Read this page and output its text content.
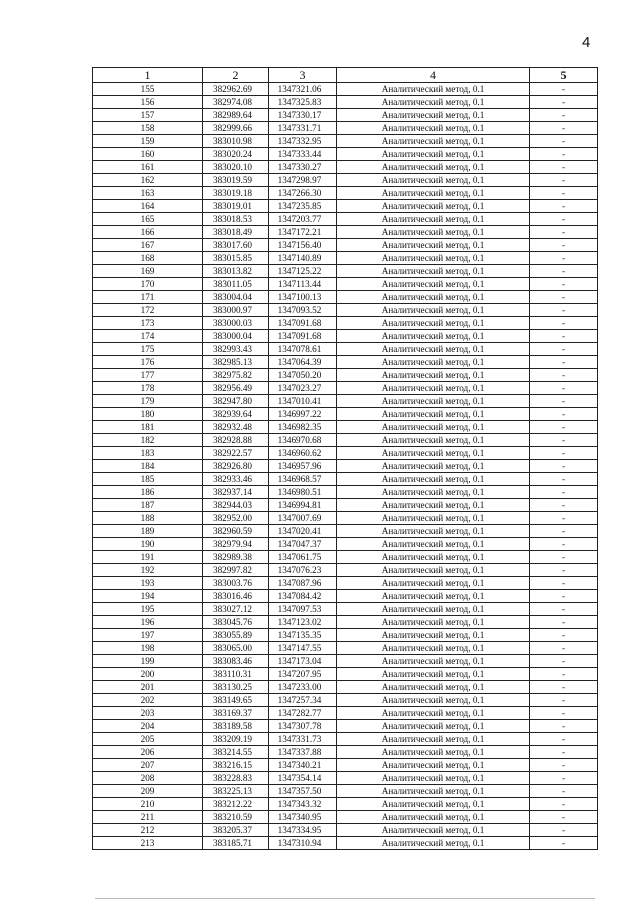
4
1	2	3	4	5
155	382962.69	1347321.06	Аналитический метод, 0.1	-
156	382974.08	1347325.83	Аналитический метод, 0.1	-
157	382989.64	1347330.17	Аналитический метод, 0.1	-
158	382999.66	1347331.71	Аналитический метод, 0.1	-
159	383010.98	1347332.95	Аналитический метод, 0.1	-
160	383020.24	1347333.44	Аналитический метод, 0.1	-
161	383020.10	1347330.27	Аналитический метод, 0.1	-
162	383019.59	1347298.97	Аналитический метод, 0.1	-
163	383019.18	1347266.30	Аналитический метод, 0.1	-
164	383019.01	1347235.85	Аналитический метод, 0.1	-
165	383018.53	1347203.77	Аналитический метод, 0.1	-
166	383018.49	1347172.21	Аналитический метод, 0.1	-
167	383017.60	1347156.40	Аналитический метод, 0.1	-
168	383015.85	1347140.89	Аналитический метод, 0.1	-
169	383013.82	1347125.22	Аналитический метод, 0.1	-
170	383011.05	1347113.44	Аналитический метод, 0.1	-
171	383004.04	1347100.13	Аналитический метод, 0.1	-
172	383000.97	1347093.52	Аналитический метод, 0.1	-
173	383000.03	1347091.68	Аналитический метод, 0.1	-
174	383000.04	1347091.68	Аналитический метод, 0.1	-
175	382993.43	1347078.61	Аналитический метод, 0.1	-
176	382985.13	1347064.39	Аналитический метод, 0.1	-
177	382975.82	1347050.20	Аналитический метод, 0.1	-
178	382956.49	1347023.27	Аналитический метод, 0.1	-
179	382947.80	1347010.41	Аналитический метод, 0.1	-
180	382939.64	1346997.22	Аналитический метод, 0.1	-
181	382932.48	1346982.35	Аналитический метод, 0.1	-
182	382928.88	1346970.68	Аналитический метод, 0.1	-
183	382922.57	1346960.62	Аналитический метод, 0.1	-
184	382926.80	1346957.96	Аналитический метод, 0.1	-
185	382933.46	1346968.57	Аналитический метод, 0.1	-
186	382937.14	1346980.51	Аналитический метод, 0.1	-
187	382944.03	1346994.81	Аналитический метод, 0.1	-
188	382952.00	1347007.69	Аналитический метод, 0.1	-
189	382960.59	1347020.41	Аналитический метод, 0.1	-
190	382979.94	1347047.37	Аналитический метод, 0.1	-
191	382989.38	1347061.75	Аналитический метод, 0.1	-
192	382997.82	1347076.23	Аналитический метод, 0.1	-
193	383003.76	1347087.96	Аналитический метод, 0.1	-
194	383016.46	1347084.42	Аналитический метод, 0.1	-
195	383027.12	1347097.53	Аналитический метод, 0.1	-
196	383045.76	1347123.02	Аналитический метод, 0.1	-
197	383055.89	1347135.35	Аналитический метод, 0.1	-
198	383065.00	1347147.55	Аналитический метод, 0.1	-
199	383083.46	1347173.04	Аналитический метод, 0.1	-
200	383110.31	1347207.95	Аналитический метод, 0.1	-
201	383130.25	1347233.00	Аналитический метод, 0.1	-
202	383149.65	1347257.34	Аналитический метод, 0.1	-
203	383169.37	1347282.77	Аналитический метод, 0.1	-
204	383189.58	1347307.78	Аналитический метод, 0.1	-
205	383209.19	1347331.73	Аналитический метод, 0.1	-
206	383214.55	1347337.88	Аналитический метод, 0.1	-
207	383216.15	1347340.21	Аналитический метод, 0.1	-
208	383228.83	1347354.14	Аналитический метод, 0.1	-
209	383225.13	1347357.50	Аналитический метод, 0.1	-
210	383212.22	1347343.32	Аналитический метод, 0.1	-
211	383210.59	1347340.95	Аналитический метод, 0.1	-
212	383205.37	1347334.95	Аналитический метод, 0.1	-
213	383185.71	1347310.94	Аналитический метод, 0.1	-
